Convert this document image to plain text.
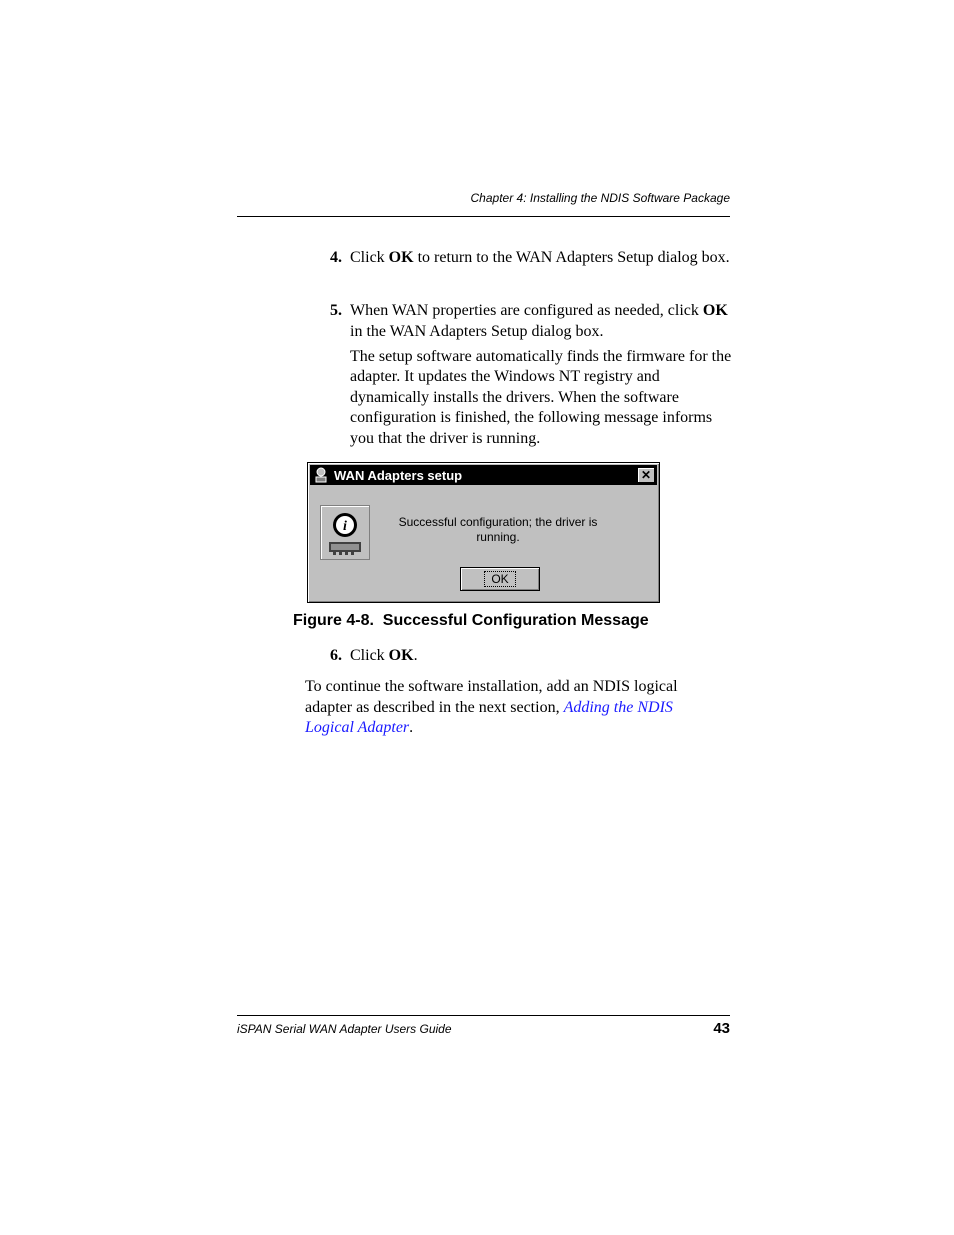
Chapter 4: Installing the NDIS Software Package
4. Click OK to return to the WAN Adapters Setup dialog box.
5. When WAN properties are configured as needed, click OK in the WAN Adapters Setup dialog box.
The setup software automatically finds the firmware for the adapter. It updates the Windows NT registry and dynamically installs the drivers. When the software configuration is finished, the following message informs you that the driver is running.
WAN Adapters setup	✕
i	Successful configuration; the driver is running.
OK
Figure 4-8.  Successful Configuration Message
6. Click OK.
To continue the software installation, add an NDIS logical adapter as described in the next section, Adding the NDIS Logical Adapter.
iSPAN Serial WAN Adapter Users Guide	43
